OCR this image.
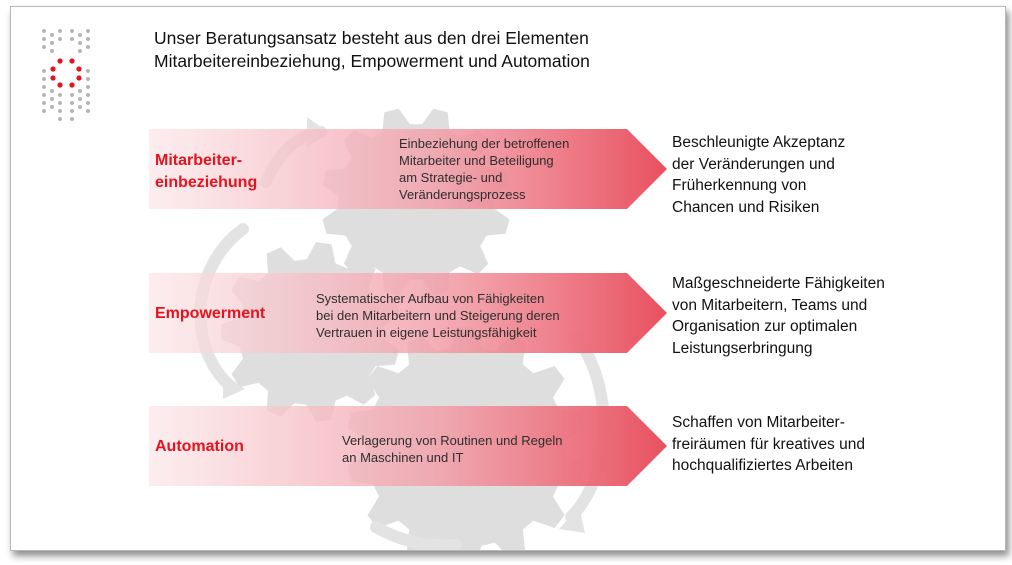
Unser Beratungsansatz besteht aus den drei Elementen
Mitarbeitereinbeziehung, Empowerment und Automation
Mitarbeiter-
einbeziehung
Empowerment
Automation
Einbeziehung der betroffenen
Mitarbeiter und Beteiligung
am Strategie- und
Veränderungsprozess
Systematischer Aufbau von Fähigkeiten
bei den Mitarbeitern und Steigerung deren
Vertrauen in eigene Leistungsfähigkeit
Verlagerung von Routinen und Regeln
an Maschinen und IT
Beschleunigte Akzeptanz
der Veränderungen und
Früherkennung von
Chancen und Risiken
Maßgeschneiderte Fähigkeiten
von Mitarbeitern, Teams und
Organisation zur optimalen
Leistungserbringung
Schaffen von Mitarbeiter-
freiräumen für kreatives und
hochqualifiziertes Arbeiten
